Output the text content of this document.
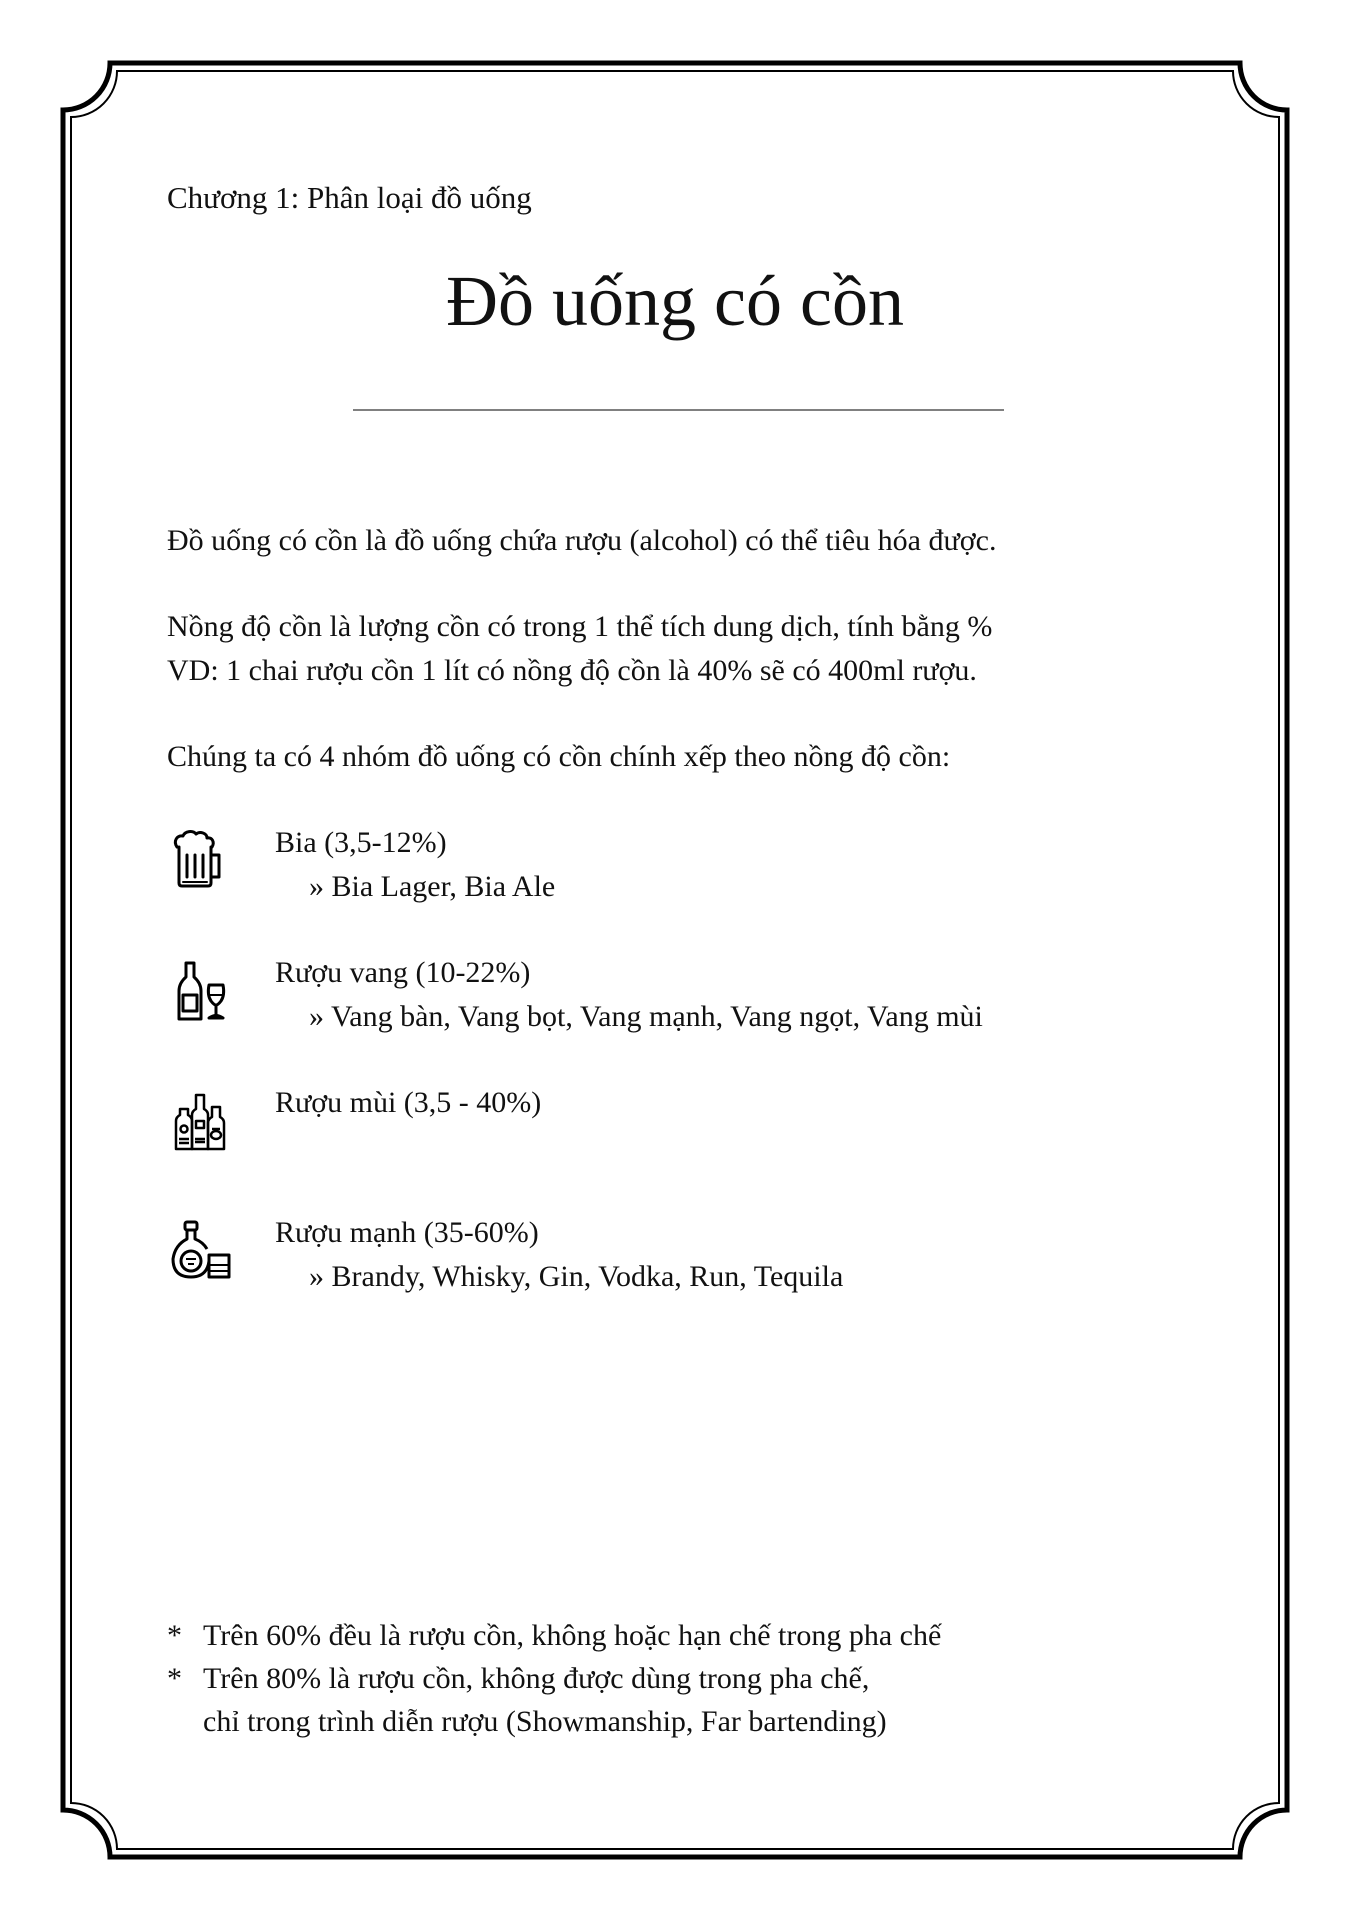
Chương 1: Phân loại đồ uống
Đồ uống có cồn
Đồ uống có cồn là đồ uống chứa rượu (alcohol) có thể tiêu hóa được.
Nồng độ cồn là lượng cồn có trong 1 thể tích dung dịch, tính bằng %
VD: 1 chai rượu cồn 1 lít có nồng độ cồn là 40% sẽ có 400ml rượu.
Chúng ta có 4 nhóm đồ uống có cồn chính xếp theo nồng độ cồn:
Bia (3,5-12%)
» Bia Lager, Bia Ale
Rượu vang (10-22%)
» Vang bàn, Vang bọt, Vang mạnh, Vang ngọt, Vang mùi
Rượu mùi (3,5 - 40%)
Rượu mạnh (35-60%)
» Brandy, Whisky, Gin, Vodka, Run, Tequila
* Trên 60% đều là rượu cồn, không hoặc hạn chế trong pha chế
* Trên 80% là rượu cồn, không được dùng trong pha chế,
chỉ trong trình diễn rượu (Showmanship, Far bartending)
